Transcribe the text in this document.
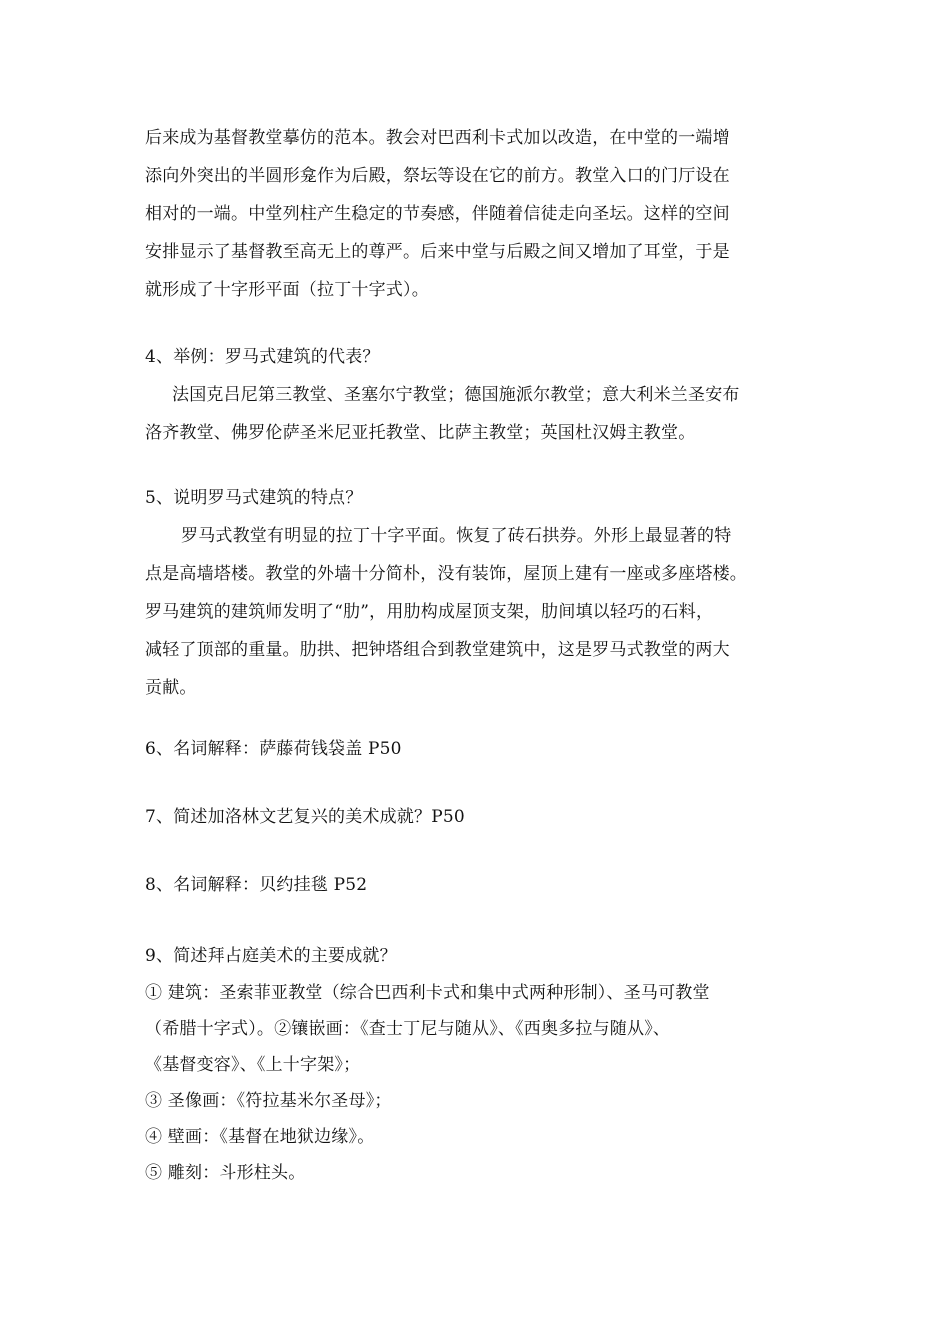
后来成为基督教堂摹仿的范本。教会对巴西利卡式加以改造，在中堂的一端增
添向外突出的半圆形龛作为后殿，祭坛等设在它的前方。教堂入口的门厅设在
相对的一端。中堂列柱产生稳定的节奏感，伴随着信徒走向圣坛。这样的空间
安排显示了基督教至高无上的尊严。后来中堂与后殿之间又增加了耳堂，于是
就形成了十字形平面（拉丁十字式）。
4、举例：罗马式建筑的代表？
法国克吕尼第三教堂、圣塞尔宁教堂；德国施派尔教堂；意大利米兰圣安布
洛齐教堂、佛罗伦萨圣米尼亚托教堂、比萨主教堂；英国杜汉姆主教堂。
5、说明罗马式建筑的特点？
罗马式教堂有明显的拉丁十字平面。恢复了砖石拱券。外形上最显著的特
点是高墙塔楼。教堂的外墙十分简朴，没有装饰，屋顶上建有一座或多座塔楼。
罗马建筑的建筑师发明了“肋”，用肋构成屋顶支架，肋间填以轻巧的石料，
减轻了顶部的重量。肋拱、把钟塔组合到教堂建筑中，这是罗马式教堂的两大
贡献。
6、名词解释：萨藤荷钱袋盖 P50
7、简述加洛林文艺复兴的美术成就？P50
8、名词解释：贝约挂毯 P52
9、简述拜占庭美术的主要成就？
① 建筑：圣索菲亚教堂（综合巴西利卡式和集中式两种形制）、圣马可教堂
（希腊十字式）。②镶嵌画：《查士丁尼与随从》、《西奥多拉与随从》、
《基督变容》、《上十字架》；
③ 圣像画：《符拉基米尔圣母》；
④ 壁画：《基督在地狱边缘》。
⑤ 雕刻：斗形柱头。
